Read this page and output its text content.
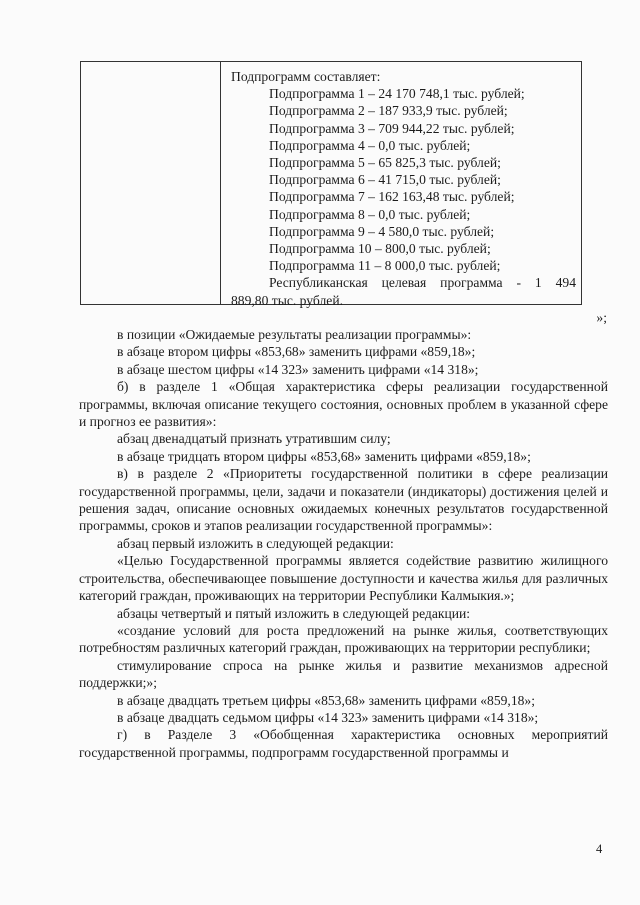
Подпрограмм составляет:
Подпрограмма 1 – 24 170 748,1 тыс. рублей;
Подпрограмма 2 – 187 933,9 тыс. рублей;
Подпрограмма 3 – 709 944,22 тыс. рублей;
Подпрограмма 4 – 0,0 тыс. рублей;
Подпрограмма 5 – 65 825,3 тыс. рублей;
Подпрограмма 6 – 41 715,0 тыс. рублей;
Подпрограмма 7 – 162 163,48 тыс. рублей;
Подпрограмма 8 – 0,0 тыс. рублей;
Подпрограмма 9 – 4 580,0 тыс. рублей;
Подпрограмма 10 – 800,0 тыс. рублей;
Подпрограмма 11 – 8 000,0 тыс. рублей;
Республиканская целевая программа - 1 494
889,80 тыс. рублей.
»;

в позиции «Ожидаемые результаты реализации программы»:

в абзаце втором цифры «853,68» заменить цифрами «859,18»;

в абзаце шестом цифры «14 323» заменить цифрами «14 318»;

б) в разделе 1 «Общая характеристика сферы реализации государственной программы, включая описание текущего состояния, основных проблем в указанной сфере и прогноз ее развития»:

абзац двенадцатый признать утратившим силу;

в абзаце тридцать втором цифры «853,68» заменить цифрами «859,18»;

в) в разделе 2 «Приоритеты государственной политики в сфере реализации государственной программы, цели, задачи и показатели (индикаторы) достижения целей и решения задач, описание основных ожидаемых конечных результатов государственной программы, сроков и этапов реализации государственной программы»:

абзац первый изложить в следующей редакции:

«Целью Государственной программы является содействие развитию жилищного строительства, обеспечивающее повышение доступности и качества жилья для различных категорий граждан, проживающих на территории Республики Калмыкия.»;

абзацы четвертый и пятый изложить в следующей редакции:

«создание условий для роста предложений на рынке жилья, соответствующих потребностям различных категорий граждан, проживающих на территории республики;

стимулирование спроса на рынке жилья и развитие механизмов адресной поддержки;»;

в абзаце двадцать третьем цифры «853,68» заменить цифрами «859,18»;

в абзаце двадцать седьмом цифры «14 323» заменить цифрами «14 318»;

г) в Разделе 3 «Обобщенная характеристика основных мероприятий государственной программы, подпрограмм государственной программы и

4
